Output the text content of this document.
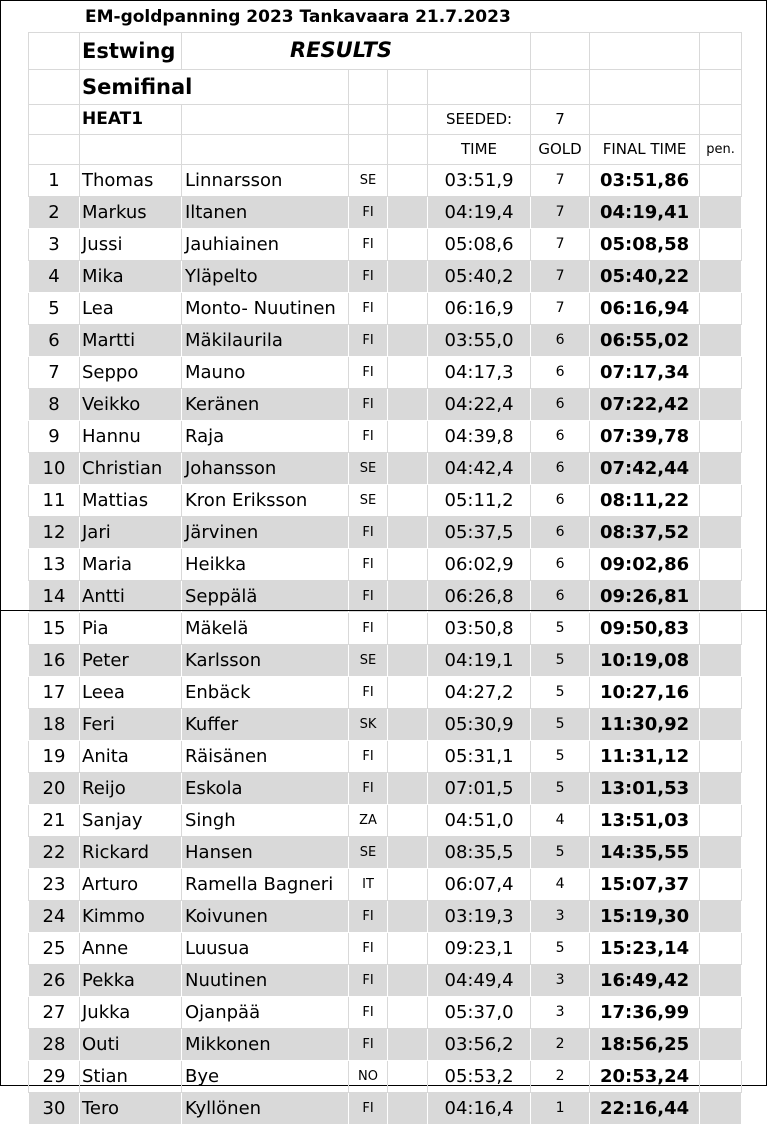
EM-goldpanning 2023 Tankavaara 21.7.2023
	Estwing	RESULTS						
	Semifinal							
	HEAT1				SEEDED:	7		
					TIME	GOLD	FINAL TIME	pen.
1	Thomas	Linnarsson	SE		03:51,9	7	03:51,86	
2	Markus	Iltanen	FI		04:19,4	7	04:19,41	
3	Jussi	Jauhiainen	FI		05:08,6	7	05:08,58	
4	Mika	Yläpelto	FI		05:40,2	7	05:40,22	
5	Lea	Monto- Nuutinen	FI		06:16,9	7	06:16,94	
6	Martti	Mäkilaurila	FI		03:55,0	6	06:55,02	
7	Seppo	Mauno	FI		04:17,3	6	07:17,34	
8	Veikko	Keränen	FI		04:22,4	6	07:22,42	
9	Hannu	Raja	FI		04:39,8	6	07:39,78	
10	Christian	Johansson	SE		04:42,4	6	07:42,44	
11	Mattias	Kron Eriksson	SE		05:11,2	6	08:11,22	
12	Jari	Järvinen	FI		05:37,5	6	08:37,52	
13	Maria	Heikka	FI		06:02,9	6	09:02,86	
14	Antti	Seppälä	FI		06:26,8	6	09:26,81	
15	Pia	Mäkelä	FI		03:50,8	5	09:50,83	
16	Peter	Karlsson	SE		04:19,1	5	10:19,08	
17	Leea	Enbäck	FI		04:27,2	5	10:27,16	
18	Feri	Kuffer	SK		05:30,9	5	11:30,92	
19	Anita	Räisänen	FI		05:31,1	5	11:31,12	
20	Reijo	Eskola	FI		07:01,5	5	13:01,53	
21	Sanjay	Singh	ZA		04:51,0	4	13:51,03	
22	Rickard	Hansen	SE		08:35,5	5	14:35,55	
23	Arturo	Ramella Bagneri	IT		06:07,4	4	15:07,37	
24	Kimmo	Koivunen	FI		03:19,3	3	15:19,30	
25	Anne	Luusua	FI		09:23,1	5	15:23,14	
26	Pekka	Nuutinen	FI		04:49,4	3	16:49,42	
27	Jukka	Ojanpää	FI		05:37,0	3	17:36,99	
28	Outi	Mikkonen	FI		03:56,2	2	18:56,25	
29	Stian	Bye	NO		05:53,2	2	20:53,24	
30	Tero	Kyllönen	FI		04:16,4	1	22:16,44	
